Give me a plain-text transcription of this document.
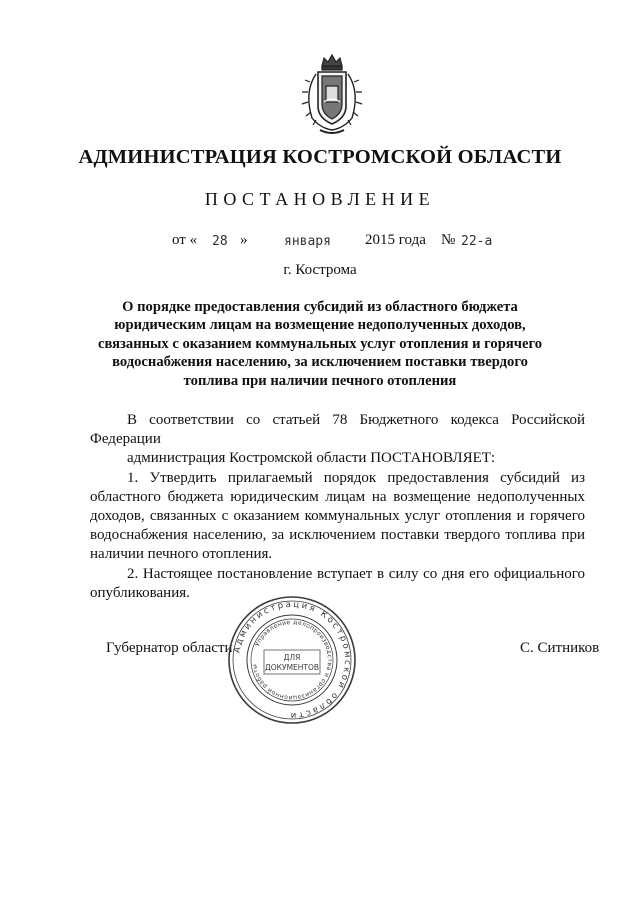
АДМИНИСТРАЦИЯ КОСТРОМСКОЙ ОБЛАСТИ
ПОСТАНОВЛЕНИЕ
от « 28 »	января 2015 года № 22-а
г. Кострома
О порядке предоставления субсидий из областного бюджета юридическим лицам на возмещение недополученных доходов, связанных с оказанием коммунальных услуг отопления и горячего водоснабжения населению, за исключением поставки твердого топлива при наличии печного отопления

В соответствии со статьей 78 Бюджетного кодекса Российской Федерации

администрация Костромской области ПОСТАНОВЛЯЕТ:

1. Утвердить прилагаемый порядок предоставления субсидий из областного бюджета юридическим лицам на возмещение недополученных доходов, связанных с оказанием коммунальных услуг отопления и горячего водоснабжения населению, за исключением поставки твердого топлива при наличии печного отопления.

2. Настоящее постановление вступает в силу со дня его официального опубликования.

Губернатор области	С. Ситников
Администрация Костромской области
Управление делопроизводства и организационной работы
ДЛЯ
ДОКУМЕНТОВ
